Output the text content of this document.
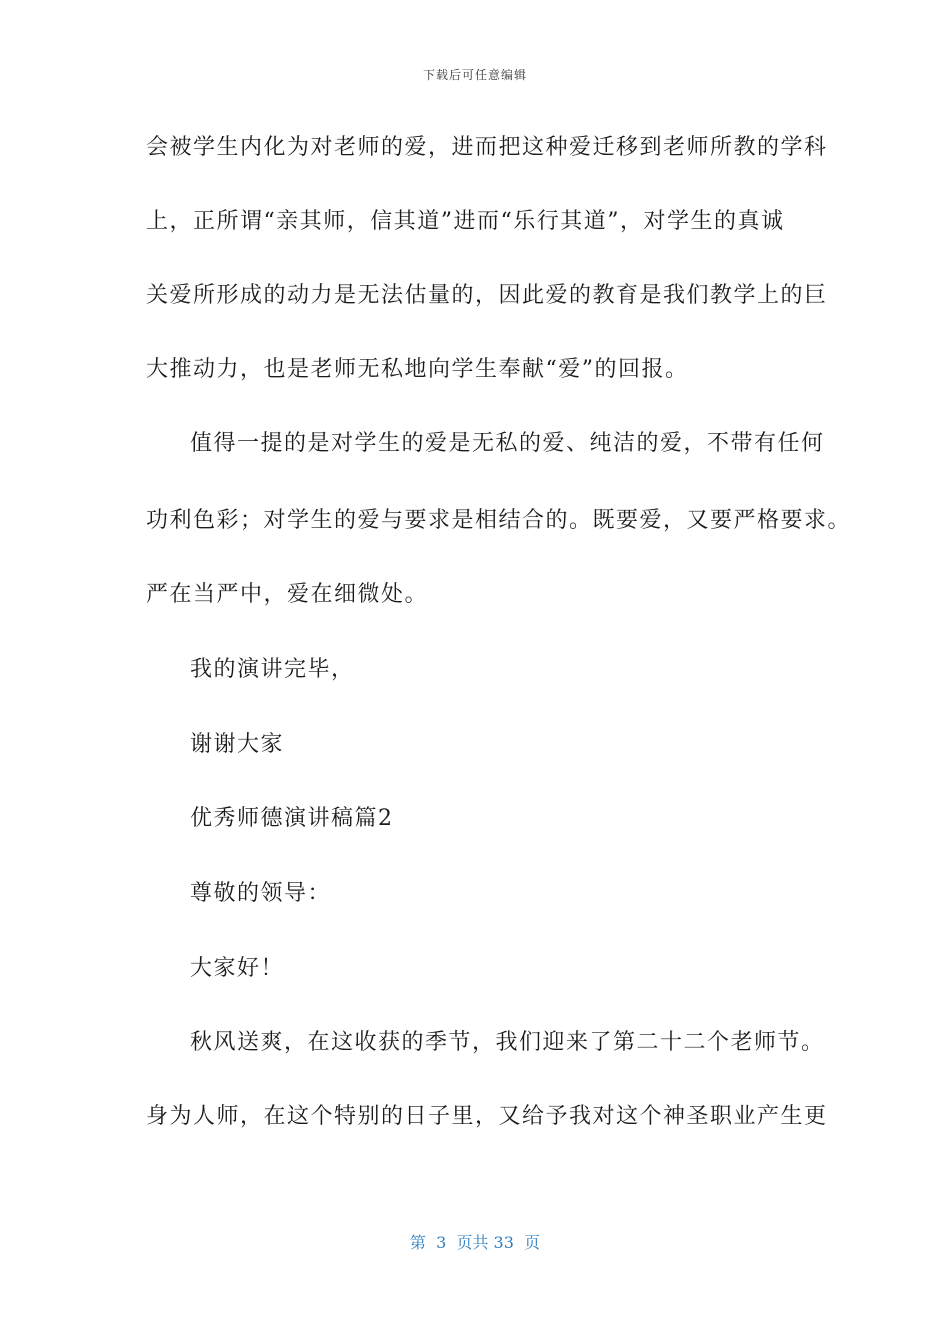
下载后可任意编辑
会被学生内化为对老师的爱，进而把这种爱迁移到老师所教的学科
上，正所谓“亲其师，信其道”进而“乐行其道”，对学生的真诚
关爱所形成的动力是无法估量的，因此爱的教育是我们教学上的巨
大推动力，也是老师无私地向学生奉献“爱”的回报。
值得一提的是对学生的爱是无私的爱、纯洁的爱，不带有任何
功利色彩；对学生的爱与要求是相结合的。既要爱，又要严格要求。
严在当严中，爱在细微处。
我的演讲完毕，
谢谢大家
优秀师德演讲稿篇2
尊敬的领导：
大家好！
秋风送爽，在这收获的季节，我们迎来了第二十二个老师节。
身为人师，在这个特别的日子里，又给予我对这个神圣职业产生更
第  3  页共 33  页
